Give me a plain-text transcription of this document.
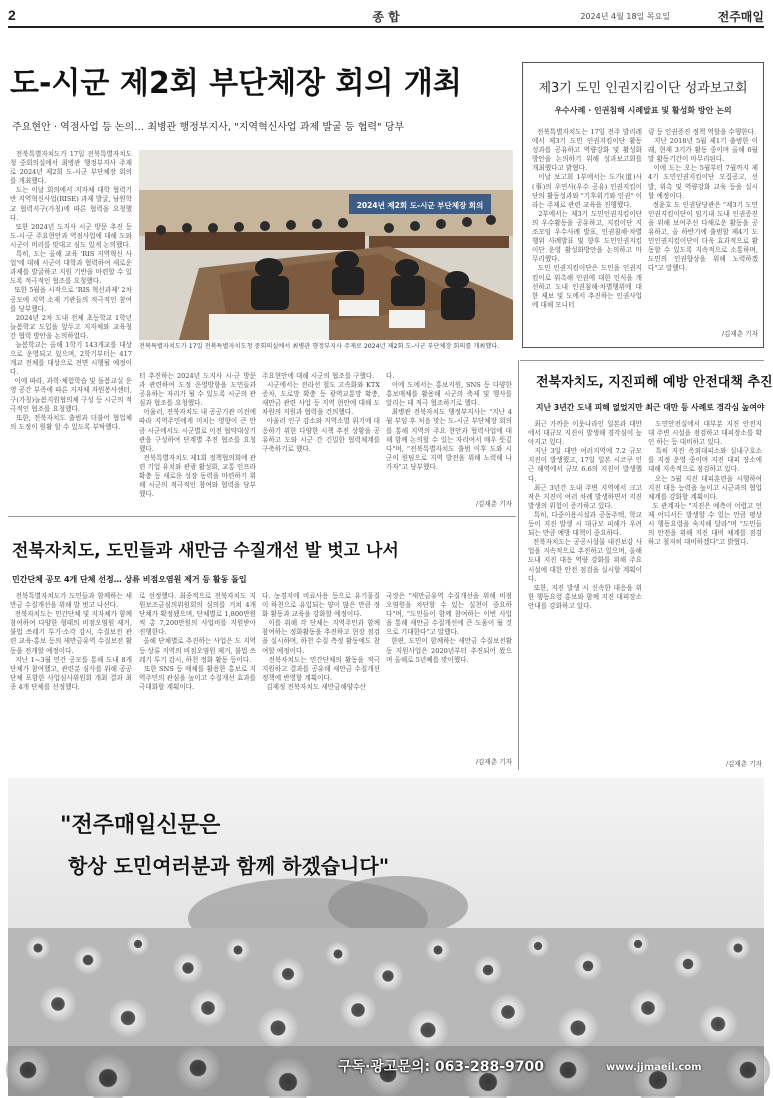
2	종 합	2024년 4월 18일 목요일	전주매일
도-시군 제2회 부단체장 회의 개최
주요현안 · 역점사업 등 논의… 최병관 행정부지사, "지역혁신사업 과제 발굴 등 협력" 당부
전북특별자치도가 17일 전북특별자치도청 중회의실에서 최병관 행정부지사 주재로 2024년 제2회 도-시군 부단체장 회의를 개최했다.
도는 이날 회의에서 지자체 대학 협력기반 지역혁신사업(RISE) 과제 발굴, 남원학교 협력지구(가칭)에 따른 협력을 요청했다.
또한 2024년 도지사 시군 방문 추진 등 도-시·군 주요현안과 역점사업에 대해 도와 시군이 머리를 맞대고 심도 있게 논의했다.
특히, 도는 올해 교육 'RIS 지역혁신 사업'에 대해 시군이 대학과 협력하여 새로운 과제를 발굴하고 지원 기반을 마련할 수 있도록 적극적인 협조를 요청했다.
또한 5월을 시작으로 'RIS 혁신과제' 2차 공모에 지역 소재 기관들의 적극적인 참여를 당부했다.
2024년 2차 도내 전체 초등학교 1학년 늘봄학교 도입을 앞두고 지자체와 교육청 간 협력 방안을 논의하였다.
늘봄학교는 올해 1학기 143개교를 대상으로 운영되고 있으며, 2학기부터는 417개교 전체를 대상으로 전면 시행될 예정이다.
이에 따라, 과학·체험학습 및 돌봄교실 운영 공간 부족에 따른 지자체 자원봉사센터, 구(가칭)늘봄지원협의체 구성 등 시군의 적극적인 협조를 요청했다.
또한, 전북자치도 출범과 더불어 협업체의 도정이 원활 할 수 있도록 부탁했다.
2024년 제2회 도-시군 부단체장 회의
전북특별자치도가 17일 전북특별자치도청 중회의실에서 최병관 행정부지사 주재로 2024년 제2회 도-시군 부단체장 회의를 개최했다.
터 추진하는 2024년 도지사 시·군 방문 과 관련하여 도정 운영방향을 도민들과 공유하는 자리가 될 수 있도록 시군의 관심과 협조를 요청했다.
아울러, 전북자치도 내 공공기관 이전에 따라 지역주민에게 미치는 영향이 큰 만큼 시군에서도 시군별로 이전 협약대상기관을 구성하여 단계별 추진 협조를 요청했다.
전북특별자치도 제1회 정책협의회에 관련 기업 유치와 관광 활성화, 교통 인프라 확충 등 새로운 성장 동력을 마련하기 위해 시군의 적극적인 참여와 협력을 당부했다.
주요현안에 대해 시군의 협조를 구했다.
시군에서는 전라선 철도 고속화와 KTX 증차, 도로망 확충 등 광역교통망 확충, 새만금 관련 사업 등 지역 현안에 대해 도 차원의 지원과 협력을 건의했다.
아울러 인구 감소와 지역소멸 위기에 대응하기 위한 다양한 시책 추진 상황을 공유하고 도와 시군 간 긴밀한 협력체계를 구축하기로 했다.
다.
이에 도에서는 홍보지원, SNS 등 다양한 홍보매체를 활용해 시군의 축제 및 행사를 알리는 데 적극 협조하기로 했다.
최병관 전북자치도 행정부지사는 "지난 4월 부임 후 처음 맞는 도-시군 부단체장 회의를 통해 지역의 주요 현안과 협력사업에 대해 함께 논의할 수 있는 자리여서 매우 뜻깊다"며, "전북특별자치도 출범 이후 도와 시군이 원팀으로 지역 발전을 위해 노력해 나가자"고 당부했다.
/김재춘 기자
제3기 도민 인권지킴이단 성과보고회
우수사례 · 인권침해 시례발표 및 활성화 방안 논의
전북특별자치도는 17일 전주 발리레에서 제3기 도민 인권지킴이단 활동 성과를 공유하고 역량강화 및 활성화방안을 논의하기 위해 성과보고회를 개최했다고 밝혔다.
이날 보고회 1부에서는 도가(道)사(事)의 우연사(우수 공유) 인권지킴이단의 활동성과와 "기후위기와 인권" 이라는 주제로 관련 교육을 진행했다.
2부에서는 제3기 도민인권지킴이단의 우수활동을 공유하고, 지킴이단 지조모임 우수사례 발표, 인권침해·차별행위 사례발표 및 향후 도민인권지킴이단 운영 활성화방안을 논의하고 마무리했다.
도민 인권지킴이단은 도민을 인권지킴이로 위촉해 인권에 대한 인식을 개선하고 도내 인권침해·차별행위에 대한 제보 및 도에서 추진하는 인권사업에 대해 모니터
링 등 인권증진 정책 역할을 수행한다.
지난 2018년 5월 제1기 출범한 이래, 현재 3기가 활동 중이며 올해 6월말 활동기간이 마무리된다.
이에 도는 오는 5월부터 7월까지 제4기 도민인권지킴이단 모집공고, 선발, 위촉 및 역량강화 교육 등을 실시할 예정이다.
정윤호 도 인권담당관은 "제3기 도민인권지킴이단이 임기내 도내 인권증진을 위해 보여주신 다채로운 활동을 공유하고, 올 하반기에 출범할 제4기 도민인권지킴이단이 더욱 효과적으로 활동할 수 있도록 지속적으로 소통하며, 도민의 인권향상을 위해 노력하겠다"고 말했다.
/김재춘 기자
전북자치도, 지진피해 예방 안전대책 추진
지난 3년간 도내 피해 없었지만 최근 대만 등 사례로 경각심 높여야
최근 가까운 이웃나라인 일본과 대만에서 대규모 지진이 발생해 경각심이 높아지고 있다.
지난 3일 대만 여러지역에 7.2 규모 지진이 발생했고, 17일 일본 시코쿠 인근 해역에서 규모 6.6의 지진이 발생했다.
최근 3년간 도내 주변 지역에서 크고 작은 지진이 여러 차례 발생하면서 지진 발생의 위험이 증가하고 있다.
특히, 다중이용시설과 공동주택, 학교 등이 지진 발생 시 대규모 피해가 우려되는 만큼 예방 대책이 중요하다.
전북자치도는 공공시설물 내진보강 사업을 지속적으로 추진하고 있으며, 올해 도내 지진 대응 역량 강화를 위해 주요 시설에 대한 안전 점검을 실시할 계획이다.
또한, 지진 발생 시 신속한 대응을 위한 행동요령 홍보와 함께 지진 대피장소 안내를 강화하고 있다.
도민안전실에서 대부분 지진 안전지 대 주변 시설을 점검하고 대피장소를 확인 하는 등 대비하고 있다.
특히 지진 옥외대피소와 실내구호소 를 지정 운영 중이며 지진 대피 장소에 대해 지속적으로 점검하고 있다.
오는 5월 지진 대피훈련을 시행하여 지진 대응 능력을 높이고 시군과의 협업 체계를 강화할 계획이다.
도 관계자는 "지진은 예측이 어렵고 언제 어디서든 발생할 수 있는 만큼 평상시 행동요령을 숙지해 달라"며 "도민들의 안전을 위해 지진 대비 체계를 점검하고 철저히 대비하겠다"고 밝혔다.
/김재춘 기자
전북자치도, 도민들과 새만금 수질개선 발 벗고 나서
민간단체 공모 4개 단체 선정… 상류 비점오염원 제거 등 활동 돌입
전북특별자치도가 도민들과 함께하는 새만금 수질개선을 위해 발 벗고 나선다.
전북자치도는 민간단체 및 지자체가 함께 참여하여 다양한 형태의 비점오염원 제거, 불법 쓰레기 투기·소각 감시, 수질보전 관련 교육·홍보 등의 새만금유역 수질보전 활동을 전개할 예정이다.
지난 1~3월 민간 공모를 통해 도내 8개 단체가 참여했고, 관련분 심사를 위해 공공단체 포함한 사업심사위원회 개최 결과 최종 4개 단체를 선정했다.
로 선정했다. 최종적으로 전북자치도 지원보조금심의위원회의 심의를 거쳐 4개 단체가 확정됐으며, 단체별로 1,800만원씩 총 7,200만원의 사업비를 지원받아 진행한다.
올해 단체별로 추진하는 사업은 도 지역 등 상류 지역의 비점오염원 제거, 불법 쓰레기 투기 감시, 하천 정화 활동 등이다.
또한 SNS 등 매체를 활용한 홍보로 지역주민의 관심을 높이고 수질개선 효과를 극대화할 계획이다.
다. 농경지에 비료사용 등으로 유기물질이 하천으로 유입되는 양이 많은 만큼 정화 활동과 교육을 강화할 예정이다.
이를 위해 각 단체는 지역주민과 함께 참여하는 정화활동을 추진하고 현장 점검을 실시하며, 하천 수질 측정 활동에도 참여할 예정이다.
전북자치도는 민간단체의 활동을 적극 지원하고 결과를 공유해 새만금 수질개선 정책에 반영할 계획이다.
김제정 전북자치도 새만금해양수산
국장은 "새만금유역 수질개선을 위해 비점오염원을 차단할 수 있는 실천이 중요하다"며, "도민들이 함께 참여하는 이번 사업을 통해 새만금 수질개선에 큰 도움이 될 것으로 기대한다"고 말했다.
한편, 도민이 함께하는 새만금 수질보전활동 지원사업은 2020년부터 추진되어 왔으며 올해로 5년째를 맞이했다.
/김재춘 기자
"전주매일신문은
항상 도민여러분과 함께 하겠습니다"
구독·광고문의: 063-288-9700	www.jjmaeil.com
